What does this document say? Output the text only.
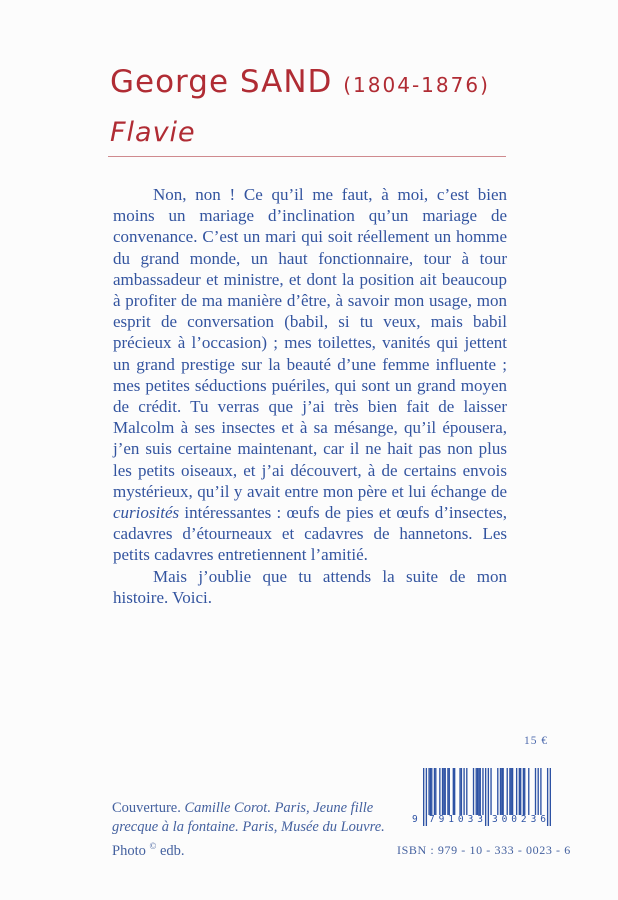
George SAND (1804-1876)
Flavie

Non, non ! Ce qu’il me faut, à moi, c’est bien moins un mariage d’inclination qu’un mariage de convenance. C’est un mari qui soit réellement un homme du grand monde, un haut fonctionnaire, tour à tour ambassadeur et ministre, et dont la position ait beaucoup à profiter de ma manière d’être, à savoir mon usage, mon esprit de conversation (babil, si tu veux, mais babil précieux à l’occasion) ; mes toilettes, vanités qui jettent un grand prestige sur la beauté d’une femme influente ; mes petites séductions puériles, qui sont un grand moyen de crédit. Tu verras que j’ai très bien fait de laisser Malcolm à ses insectes et à sa mésange, qu’il épousera, j’en suis certaine maintenant, car il ne hait pas non plus les petits oiseaux, et j’ai découvert, à de certains envois mystérieux, qu’il y avait entre mon père et lui échange de curiosités intéressantes : œufs de pies et œufs d’insectes, cadavres d’étourneaux et cadavres de hannetons. Les petits cadavres entretiennent l’amitié.

Mais j’oublie que tu attends la suite de mon histoire. Voici.

15 €
Couverture. Camille Corot. Paris, Jeune fille grecque à la fontaine. Paris, Musée du Louvre. Photo © edb.
9 7 9 1 0 3 3 3 0 0 2 3 6
ISBN : 979 - 10 - 333 - 0023 - 6
